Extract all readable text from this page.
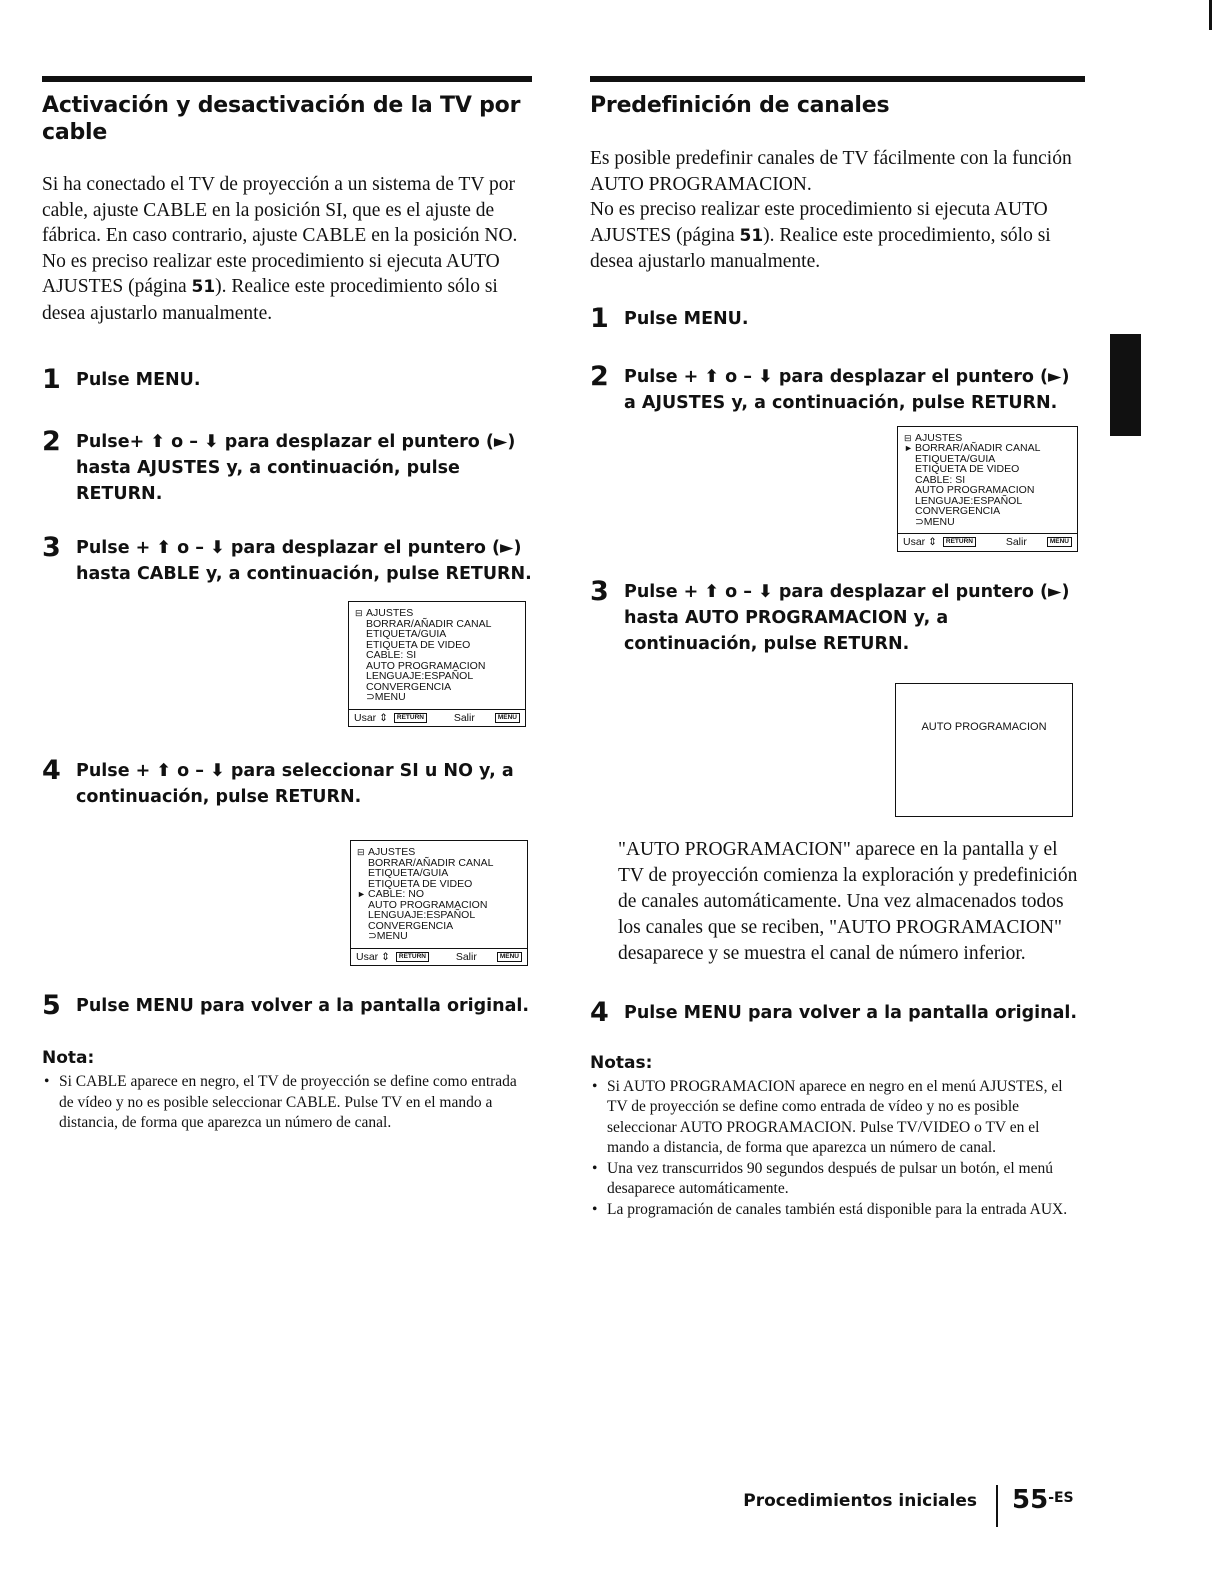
Activación y desactivación de la TV por cable

Si ha conectado el TV de proyección a un sistema de TV por cable, ajuste CABLE en la posición SI, que es el ajuste de fábrica. En caso contrario, ajuste CABLE en la posición NO.

No es preciso realizar este procedimiento si ejecuta AUTO AJUSTES (página 51). Realice este procedimiento sólo si desea ajustarlo manualmente.

1 Pulse MENU.
2 Pulse+ ⬆ o – ⬇ para desplazar el puntero (►) hasta AJUSTES y, a continuación, pulse RETURN.
3 Pulse + ⬆ o – ⬇ para desplazar el puntero (►) hasta CABLE y, a continuación, pulse RETURN.
⊟ AJUSTES
BORRAR/AÑADIR CANAL
ETIQUETA/GUIA
ETIQUETA DE VIDEO
CABLE: SI
AUTO PROGRAMACION
LENGUAJE:ESPAÑOL
CONVERGENCIA
⊃MENU
Usar ⇕ RETURN	Salir	MENU
4 Pulse + ⬆ o – ⬇ para seleccionar SI u NO y, a continuación, pulse RETURN.
⊟ AJUSTES
BORRAR/AÑADIR CANAL
ETIQUETA/GUIA
ETIQUETA DE VIDEO
► CABLE: NO
AUTO PROGRAMACION
LENGUAJE:ESPAÑOL
CONVERGENCIA
⊃MENU
Usar ⇕ RETURN	Salir	MENU
5 Pulse MENU para volver a la pantalla original.
Nota:
• Si CABLE aparece en negro, el TV de proyección se define como entrada de vídeo y no es posible seleccionar CABLE. Pulse TV en el mando a distancia, de forma que aparezca un número de canal.
Predefinición de canales

Es posible predefinir canales de TV fácilmente con la función AUTO PROGRAMACION.

No es preciso realizar este procedimiento si ejecuta AUTO AJUSTES (página 51). Realice este procedimiento, sólo si desea ajustarlo manualmente.

1 Pulse MENU.
2 Pulse + ⬆ o – ⬇ para desplazar el puntero (►) a AJUSTES y, a continuación, pulse RETURN.
⊟ AJUSTES
► BORRAR/AÑADIR CANAL
ETIQUETA/GUIA
ETIQUETA DE VIDEO
CABLE: SI
AUTO PROGRAMACION
LENGUAJE:ESPAÑOL
CONVERGENCIA
⊃MENU
Usar ⇕ RETURN	Salir	MENU
3 Pulse + ⬆ o – ⬇ para desplazar el puntero (►) hasta AUTO PROGRAMACION y, a continuación, pulse RETURN.
AUTO PROGRAMACION

"AUTO PROGRAMACION" aparece en la pantalla y el TV de proyección comienza la exploración y predefinición de canales automáticamente. Una vez almacenados todos los canales que se reciben, "AUTO PROGRAMACION" desaparece y se muestra el canal de número inferior.

4 Pulse MENU para volver a la pantalla original.
Notas:
• Si AUTO PROGRAMACION aparece en negro en el menú AJUSTES, el TV de proyección se define como entrada de vídeo y no es posible seleccionar AUTO PROGRAMACION. Pulse TV/VIDEO o TV en el mando a distancia, de forma que aparezca un número de canal.
• Una vez transcurridos 90 segundos después de pulsar un botón, el menú desaparece automáticamente.
• La programación de canales también está disponible para la entrada AUX.
Procedimientos iniciales 55$^{-ES}$
